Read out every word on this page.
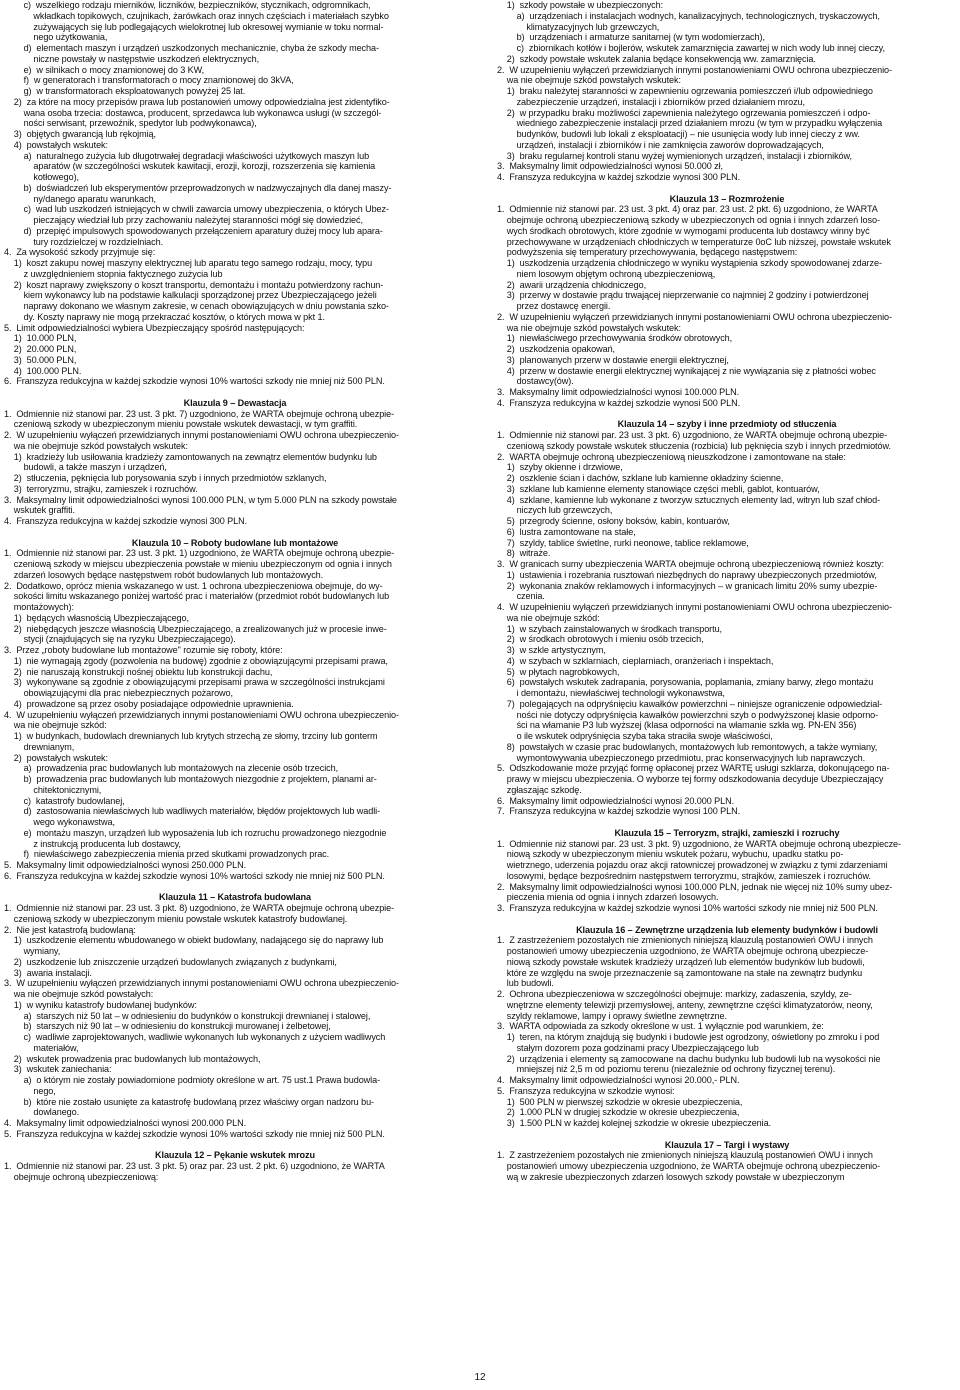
c)  wszelkiego rodzaju mierników, liczników, bezpieczników, stycznikach, odgromnikach,
wkładkach topikowych, czujnikach, żarówkach oraz innych częściach i materiałach szybko
zużywających się lub podlegających wielokrotnej lub okresowej wymianie w toku normal-
nego użytkowania,
d)  elementach maszyn i urządzeń uszkodzonych mechanicznie, chyba że szkody mecha-
niczne powstały w następstwie uszkodzeń elektrycznych,
e)  w silnikach o mocy znamionowej do 3 KW,
f)  w generatorach i transformatorach o mocy znamionowej do 3kVA,
g)  w transformatorach eksploatowanych powyżej 25 lat.
2)  za które na mocy przepisów prawa lub postanowień umowy odpowiedzialna jest zidentyfiko-
wana osoba trzecia: dostawca, producent, sprzedawca lub wykonawca usługi (w szczegól-
ności serwisant, przewoźnik, spedytor lub podwykonawca),
3)  objętych gwarancją lub rękojmią,
4)  powstałych wskutek:
a)  naturalnego zużycia lub długotrwałej degradacji właściwości użytkowych maszyn lub
aparatów (w szczególności wskutek kawitacji, erozji, korozji, rozszerzenia się kamienia
kotłowego),
b)  doświadczeń lub eksperymentów przeprowadzonych w nadzwyczajnych dla danej maszy-
ny/danego aparatu warunkach,
c)  wad lub uszkodzeń istniejących w chwili zawarcia umowy ubezpieczenia, o których Ubez-
pieczający wiedział lub przy zachowaniu należytej staranności mógł się dowiedzieć,
d)  przepięć impulsowych spowodowanych przełączeniem aparatury dużej mocy lub apara-
tury rozdzielczej w rozdzielniach.
4.  Za wysokość szkody przyjmuje się:
1)  koszt zakupu nowej maszyny elektrycznej lub aparatu tego samego rodzaju, mocy, typu
z uwzględnieniem stopnia faktycznego zużycia lub
2)  koszt naprawy zwiększony o koszt transportu, demontażu i montażu potwierdzony rachun-
kiem wykonawcy lub na podstawie kalkulacji sporządzonej przez Ubezpieczającego jeżeli
naprawy dokonano we własnym zakresie, w cenach obowiązujących w dniu powstania szko-
dy. Koszty naprawy nie mogą przekraczać kosztów, o których mowa w pkt 1.
5.  Limit odpowiedzialności wybiera Ubezpieczający spośród następujących:
1)  10.000 PLN,
2)  20.000 PLN,
3)  50.000 PLN,
4)  100.000 PLN.
6.  Franszyza redukcyjna w każdej szkodzie wynosi 10% wartości szkody nie mniej niż 500 PLN.
Klauzula 9 – Dewastacja
1.  Odmiennie niż stanowi par. 23 ust. 3 pkt. 7) uzgodniono, że WARTA obejmuje ochroną ubezpie-
czeniową szkody w ubezpieczonym mieniu powstałe wskutek dewastacji, w tym graffiti.
2.  W uzupełnieniu wyłączeń przewidzianych innymi postanowieniami OWU ochrona ubezpieczenio-
wa nie obejmuje szkód powstałych wskutek:
1)  kradzieży lub usiłowania kradzieży zamontowanych na zewnątrz elementów budynku lub
budowli, a także maszyn i urządzeń,
2)  stłuczenia, pęknięcia lub porysowania szyb i innych przedmiotów szklanych,
3)  terroryzmu, strajku, zamieszek i rozruchów.
3.  Maksymalny limit odpowiedzialności wynosi 100.000 PLN, w tym 5.000 PLN na szkody powstałe
wskutek graffiti.
4.  Franszyza redukcyjna w każdej szkodzie wynosi 300 PLN.
Klauzula 10 – Roboty budowlane lub montażowe
1.  Odmiennie niż stanowi par. 23 ust. 3 pkt. 1) uzgodniono, że WARTA obejmuje ochroną ubezpie-
czeniową szkody w miejscu ubezpieczenia powstałe w mieniu ubezpieczonym od ognia i innych
zdarzeń losowych będące następstwem robót budowlanych lub montażowych.
2.  Dodatkowo, oprócz mienia wskazanego w ust. 1 ochrona ubezpieczeniowa obejmuje, do wy-
sokości limitu wskazanego poniżej wartość prac i materiałów (przedmiot robót budowlanych lub
montażowych):
1)  będących własnością Ubezpieczającego,
2)  niebędących jeszcze własnością Ubezpieczającego, a zrealizowanych już w procesie inwe-
stycji (znajdujących się na ryzyku Ubezpieczającego).
3.  Przez „roboty budowlane lub montażowe" rozumie się roboty, które:
1)  nie wymagają zgody (pozwolenia na budowę) zgodnie z obowiązującymi przepisami prawa,
2)  nie naruszają konstrukcji nośnej obiektu lub konstrukcji dachu,
3)  wykonywane są zgodnie z obowiązującymi przepisami prawa w szczególności instrukcjami
obowiązującymi dla prac niebezpiecznych pożarowo,
4)  prowadzone są przez osoby posiadające odpowiednie uprawnienia.
4.  W uzupełnieniu wyłączeń przewidzianych innymi postanowieniami OWU ochrona ubezpieczenio-
wa nie obejmuje szkód:
1)  w budynkach, budowlach drewnianych lub krytych strzechą ze słomy, trzciny lub gonterm
drewnianym,
2)  powstałych wskutek:
a)  prowadzenia prac budowlanych lub montażowych na zlecenie osób trzecich,
b)  prowadzenia prac budowlanych lub montażowych niezgodnie z projektem, planami ar-
chitektonicznymi,
c)  katastrofy budowlanej,
d)  zastosowania niewłaściwych lub wadliwych materiałów, błędów projektowych lub wadli-
wego wykonawstwa,
e)  montażu maszyn, urządzeń lub wyposażenia lub ich rozruchu prowadzonego niezgodnie
z instrukcją producenta lub dostawcy,
f)  niewłaściwego zabezpieczenia mienia przed skutkami prowadzonych prac.
5.  Maksymalny limit odpowiedzialności wynosi 250.000 PLN.
6.  Franszyza redukcyjna w każdej szkodzie wynosi 10% wartości szkody nie mniej niż 500 PLN.
Klauzula 11 – Katastrofa budowlana
1.  Odmiennie niż stanowi par. 23 ust. 3 pkt. 8) uzgodniono, że WARTA obejmuje ochroną ubezpie-
czeniową szkody w ubezpieczonym mieniu powstałe wskutek katastrofy budowlanej.
2.  Nie jest katastrofą budowlaną:
1)  uszkodzenie elementu wbudowanego w obiekt budowlany, nadającego się do naprawy lub
wymiany,
2)  uszkodzenie lub zniszczenie urządzeń budowlanych związanych z budynkami,
3)  awaria instalacji.
3.  W uzupełnieniu wyłączeń przewidzianych innymi postanowieniami OWU ochrona ubezpieczenio-
wa nie obejmuje szkód powstałych:
1)  w wyniku katastrofy budowlanej budynków:
a)  starszych niż 50 lat – w odniesieniu do budynków o konstrukcji drewnianej i stalowej,
b)  starszych niż 90 lat – w odniesieniu do konstrukcji murowanej i żelbetowej,
c)  wadliwie zaprojektowanych, wadliwie wykonanych lub wykonanych z użyciem wadliwych
materiałów,
2)  wskutek prowadzenia prac budowlanych lub montażowych,
3)  wskutek zaniechania:
a)  o którym nie zostały powiadomione podmioty określone w art. 75 ust.1 Prawa budowla-
nego,
b)  które nie zostało usunięte za katastrofę budowlaną przez właściwy organ nadzoru bu-
dowlanego.
4.  Maksymalny limit odpowiedzialności wynosi 200.000 PLN.
5.  Franszyza redukcyjna w każdej szkodzie wynosi 10% wartości szkody nie mniej niż 500 PLN.
Klauzula 12 – Pękanie wskutek mrozu
1.  Odmiennie niż stanowi par. 23 ust. 3 pkt. 5) oraz par. 23 ust. 2 pkt. 6) uzgodniono, że WARTA
obejmuje ochroną ubezpieczeniową:
1)  szkody powstałe w ubezpieczonych:
a)  urządzeniach i instalacjach wodnych, kanalizacyjnych, technologicznych, tryskaczowych,
klimatyzacyjnych lub grzewczych,
b)  urządzeniach i armaturze sanitarnej (w tym wodomierzach),
c)  zbiornikach kotłów i bojlerów, wskutek zamarznięcia zawartej w nich wody lub innej cieczy,
2)  szkody powstałe wskutek zalania będące konsekwencją ww. zamarznięcia.
2.  W uzupełnieniu wyłączeń przewidzianych innymi postanowieniami OWU ochrona ubezpieczenio-
wa nie obejmuje szkód powstałych wskutek:
1)  braku należytej staranności w zapewnieniu ogrzewania pomieszczeń i/lub odpowiedniego
zabezpieczenie urządzeń, instalacji i zbiorników przed działaniem mrozu,
2)  w przypadku braku możliwości zapewnienia należytego ogrzewania pomieszczeń i odpo-
wiedniego zabezpieczenie instalacji przed działaniem mrozu (w tym w przypadku wyłączenia
budynków, budowli lub lokali z eksploatacji) – nie usunięcia wody lub innej cieczy z ww.
urządzeń, instalacji i zbiorników i nie zamknięcia zaworów doprowadzających,
3)  braku regularnej kontroli stanu wyżej wymienionych urządzeń, instalacji i zbiorników,
3.  Maksymalny limit odpowiedzialności wynosi 50.000 zł,
4.  Franszyza redukcyjna w każdej szkodzie wynosi 300 PLN.
Klauzula 13 – Rozmrożenie
1.  Odmiennie niż stanowi par. 23 ust. 3 pkt. 4) oraz par. 23 ust. 2 pkt. 6) uzgodniono, że WARTA
obejmuje ochroną ubezpieczeniową szkody w ubezpieczonych od ognia i innych zdarzeń loso-
wych środkach obrotowych, które zgodnie w wymogami producenta lub dostawcy winny być
przechowywane w urządzeniach chłodniczych w temperaturze 0oC lub niższej, powstałe wskutek
podwyższenia się temperatury przechowywania, będącego następstwem:
1)  uszkodzenia urządzenia chłodniczego w wyniku wystąpienia szkody spowodowanej zdarze-
niem losowym objętym ochroną ubezpieczeniową,
2)  awarii urządzenia chłodniczego,
3)  przerwy w dostawie prądu trwającej nieprzerwanie co najmniej 2 godziny i potwierdzonej
przez dostawcę energii.
2.  W uzupełnieniu wyłączeń przewidzianych innymi postanowieniami OWU ochrona ubezpieczenio-
wa nie obejmuje szkód powstałych wskutek:
1)  niewłaściwego przechowywania środków obrotowych,
2)  uszkodzenia opakowań,
3)  planowanych przerw w dostawie energii elektrycznej,
4)  przerw w dostawie energii elektrycznej wynikającej z nie wywiązania się z płatności wobec
dostawcy(ów).
3.  Maksymalny limit odpowiedzialności wynosi 100.000 PLN.
4.  Franszyza redukcyjna w każdej szkodzie wynosi 500 PLN.
Klauzula 14 – szyby i inne przedmioty od stłuczenia
1.  Odmiennie niż stanowi par. 23 ust. 3 pkt. 6) uzgodniono, że WARTA obejmuje ochroną ubezpie-
czeniową szkody powstałe wskutek stłuczenia (rozbicia) lub pęknięcia szyb i innych przedmiotów.
2.  WARTA obejmuje ochroną ubezpieczeniową nieuszkodzone i zamontowane na stałe:
1)  szyby okienne i drzwiowe,
2)  oszklenie ścian i dachów, szklane lub kamienne okładziny ścienne,
3)  szklane lub kamienne elementy stanowiące części mebli, gablot, kontuarów,
4)  szklane, kamienne lub wykonane z tworzyw sztucznych elementy lad, witryn lub szaf chłod-
niczych lub grzewczych,
5)  przegrody ścienne, osłony boksów, kabin, kontuarów,
6)  lustra zamontowane na stałe,
7)  szyldy, tablice świetlne, rurki neonowe, tablice reklamowe,
8)  witraże.
3.  W granicach sumy ubezpieczenia WARTA obejmuje ochroną ubezpieczeniową również koszty:
1)  ustawienia i rozebrania rusztowań niezbędnych do naprawy ubezpieczonych przedmiotów,
2)  wykonania znaków reklamowych i informacyjnych – w granicach limitu 20% sumy ubezpie-
czenia.
4.  W uzupełnieniu wyłączeń przewidzianych innymi postanowieniami OWU ochrona ubezpieczenio-
wa nie obejmuje szkód:
1)  w szybach zainstalowanych w środkach transportu,
2)  w środkach obrotowych i mieniu osób trzecich,
3)  w szkle artystycznym,
4)  w szybach w szklarniach, cieplarniach, oranżeriach i inspektach,
5)  w płytach nagrobkowych,
6)  powstałych wskutek zadrapania, porysowania, poplamania, zmiany barwy, złego montażu
i demontażu, niewłaściwej technologii wykonawstwa,
7)  polegających na odpryśnięciu kawałków powierzchni – niniejsze ograniczenie odpowiedzial-
ności nie dotyczy odpryśnięcia kawałków powierzchni szyb o podwyższonej klasie odporno-
ści na włamanie P3 lub wyższej (klasa odporności na włamanie szkła wg. PN-EN 356)
o ile wskutek odpryśnięcia szyba taka straciła swoje właściwości,
8)  powstałych w czasie prac budowlanych, montażowych lub remontowych, a także wymiany,
wymontowywania ubezpieczonego przedmiotu, prac konserwacyjnych lub naprawczych.
5.  Odszkodowanie może przyjąć formę opłaconej przez WARTĘ usługi szklarza, dokonującego na-
prawy w miejscu ubezpieczenia. O wyborze tej formy odszkodowania decyduje Ubezpieczający
zgłaszając szkodę.
6.  Maksymalny limit odpowiedzialności wynosi 20.000 PLN.
7.  Franszyza redukcyjna w każdej szkodzie wynosi 100 PLN.
Klauzula 15 – Terroryzm, strajki, zamieszki i rozruchy
1.  Odmiennie niż stanowi par. 23 ust. 3 pkt. 9) uzgodniono, że WARTA obejmuje ochroną ubezpiecze-
niową szkody w ubezpieczonym mieniu wskutek pożaru, wybuchu, upadku statku po-
wietrznego, uderzenia pojazdu oraz akcji ratowniczej prowadzonej w związku z tymi zdarzeniami
losowymi, będące bezpośrednim następstwem terroryzmu, strajków, zamieszek i rozruchów.
2.  Maksymalny limit odpowiedzialności wynosi 100.000 PLN, jednak nie więcej niż 10% sumy ubez-
pieczenia mienia od ognia i innych zdarzeń losowych.
3.  Franszyza redukcyjna w każdej szkodzie wynosi 10% wartości szkody nie mniej niż 500 PLN.
Klauzula 16 – Zewnętrzne urządzenia lub elementy budynków i budowli
1.  Z zastrzeżeniem pozostałych nie zmienionych niniejszą klauzulą postanowień OWU i innych
postanowień umowy ubezpieczenia uzgodniono, że WARTA obejmuje ochroną ubezpiecze-
niową szkody powstałe wskutek kradzieży urządzeń lub elementów budynków lub budowli,
które ze względu na swoje przeznaczenie są zamontowane na stałe na zewnątrz budynku
lub budowli.
2.  Ochrona ubezpieczeniowa w szczególności obejmuje: markizy, zadaszenia, szyldy, ze-
wnętrzne elementy telewizji przemysłowej, anteny, zewnętrzne części klimatyzatorów, neony,
szyldy reklamowe, lampy i oprawy świetlne zewnętrzne.
3.  WARTA odpowiada za szkody określone w ust. 1 wyłącznie pod warunkiem, że:
1)  teren, na którym znajdują się budynki i budowle jest ogrodzony, oświetlony po zmroku i pod
stałym dozorem poza godzinami pracy Ubezpieczającego lub
2)  urządzenia i elementy są zamocowane na dachu budynku lub budowli lub na wysokości nie
mniejszej niż 2,5 m od poziomu terenu (niezależnie od ochrony fizycznej terenu).
4.  Maksymalny limit odpowiedzialności wynosi 20.000,- PLN.
5.  Franszyza redukcyjna w szkodzie wynosi:
1)  500 PLN w pierwszej szkodzie w okresie ubezpieczenia,
2)  1.000 PLN w drugiej szkodzie w okresie ubezpieczenia,
3)  1.500 PLN w każdej kolejnej szkodzie w okresie ubezpieczenia.
Klauzula 17 – Targi i wystawy
1.  Z zastrzeżeniem pozostałych nie zmienionych niniejszą klauzulą postanowień OWU i innych
postanowień umowy ubezpieczenia uzgodniono, że WARTA obejmuje ochroną ubezpieczenio-
wą w zakresie ubezpieczonych zdarzeń losowych szkody powstałe w ubezpieczonym
12
